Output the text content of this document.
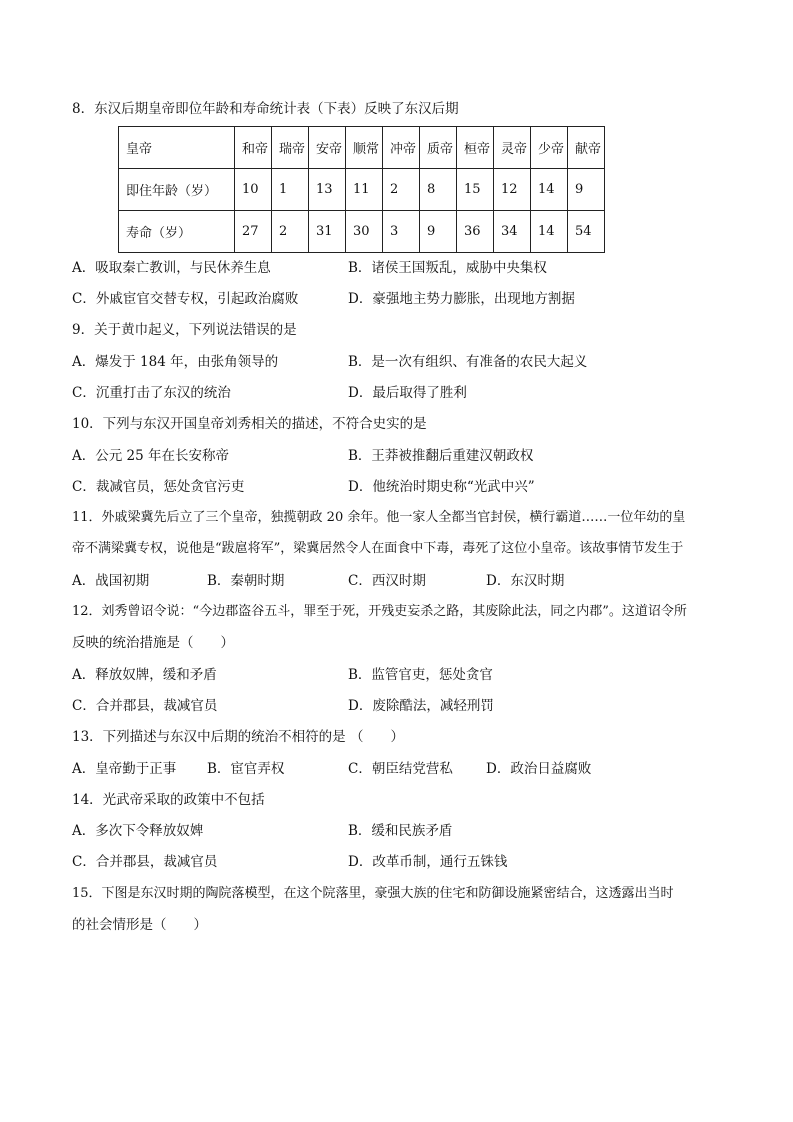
8．东汉后期皇帝即位年龄和寿命统计表（下表）反映了东汉后期
皇帝	和帝	瑞帝	安帝	顺常	冲帝	质帝	桓帝	灵帝	少帝	献帝
即住年龄（岁）	10	1	13	11	2	8	15	12	14	9
寿命（岁）	27	2	31	30	3	9	36	34	14	54
A．吸取秦亡教训，与民休养生息	B．诸侯王国叛乱，威胁中央集权
C．外戚宦官交替专权，引起政治腐败	D．豪强地主势力膨胀，出现地方割据
9．关于黄巾起义，下列说法错误的是
A．爆发于 184 年，由张角领导的	B．是一次有组织、有准备的农民大起义
C．沉重打击了东汉的统治	D．最后取得了胜利
10．下列与东汉开国皇帝刘秀相关的描述，不符合史实的是
A．公元 25 年在长安称帝	B．王莽被推翻后重建汉朝政权
C．裁减官员，惩处贪官污吏	D．他统治时期史称“光武中兴”
11．外戚梁冀先后立了三个皇帝，独揽朝政 20 余年。他一家人全都当官封侯，横行霸道……一位年幼的皇
帝不满梁冀专权，说他是“跋扈将军”，梁冀居然令人在面食中下毒，毒死了这位小皇帝。该故事情节发生于
A．战国初期	B．秦朝时期	C．西汉时期	D．东汉时期
12．刘秀曾诏令说：“今边郡盗谷五斗，罪至于死，开残吏妄杀之路，其废除此法，同之内郡”。这道诏令所
反映的统治措施是（　　）
A．释放奴牌，缓和矛盾	B．监管官吏，惩处贪官
C．合并郡县，裁减官员	D．废除酷法，减轻刑罚
13．下列描述与东汉中后期的统治不相符的是 （　　）
A．皇帝勤于正事 B．宦官弄权	C．朝臣结党营私 D．政治日益腐败
14．光武帝采取的政策中不包括
A．多次下令释放奴婢	B．缓和民族矛盾
C．合并郡县，裁减官员	D．改革币制，通行五铢钱
15．下图是东汉时期的陶院落模型，在这个院落里，豪强大族的住宅和防御设施紧密结合，这透露出当时
的社会情形是（　　）
